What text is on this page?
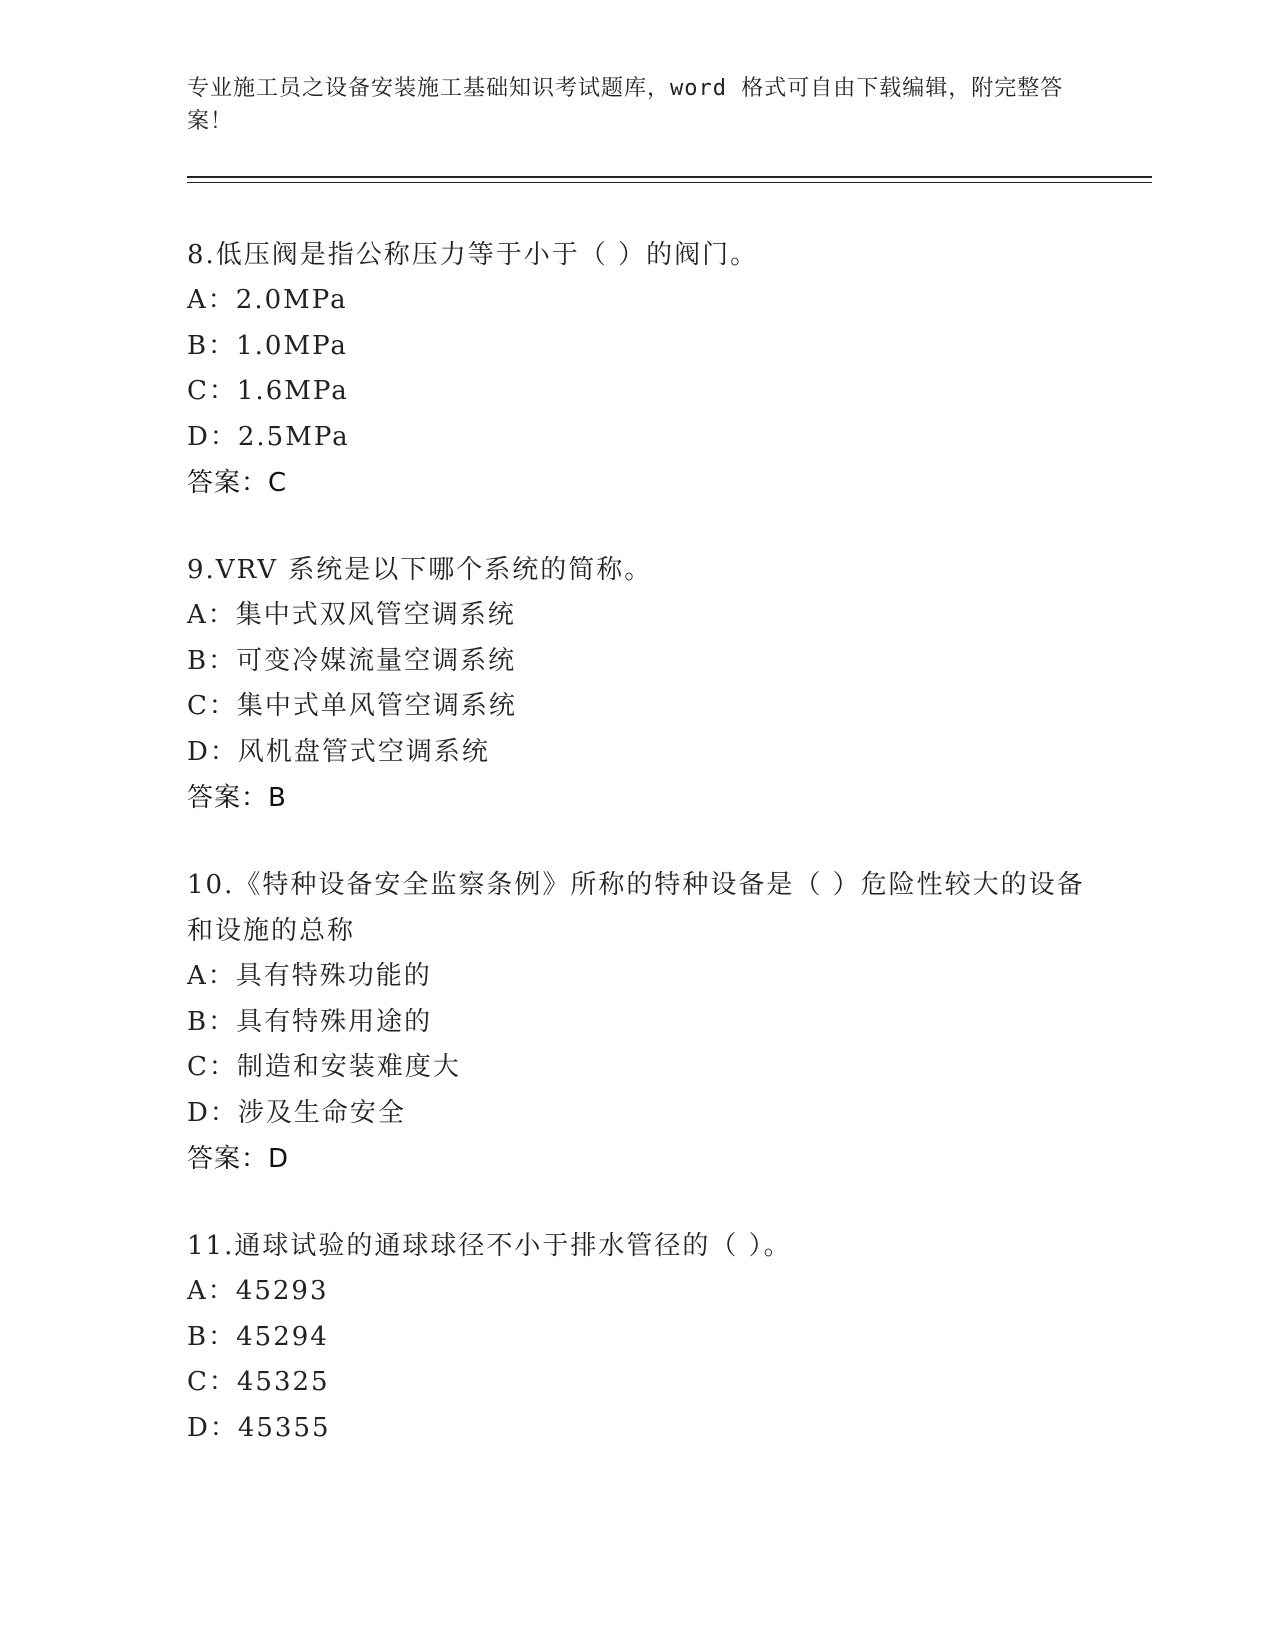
专业施工员之设备安装施工基础知识考试题库，word 格式可自由下载编辑，附完整答案！
8.低压阀是指公称压力等于小于（ ）的阀门。
A：2.0MPa
B：1.0MPa
C：1.6MPa
D：2.5MPa
答案：C
9.VRV 系统是以下哪个系统的简称。
A：集中式双风管空调系统
B：可变冷媒流量空调系统
C：集中式单风管空调系统
D：风机盘管式空调系统
答案：B
10.《特种设备安全监察条例》所称的特种设备是（ ）危险性较大的设备和设施的总称
A：具有特殊功能的
B：具有特殊用途的
C：制造和安装难度大
D：涉及生命安全
答案：D
11.通球试验的通球球径不小于排水管径的（ ）。
A：45293
B：45294
C：45325
D：45355
